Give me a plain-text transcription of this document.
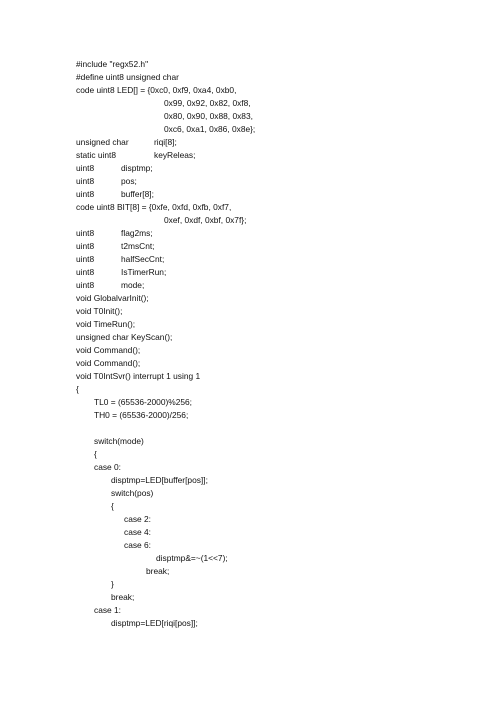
#include "regx52.h"
#define uint8 unsigned char
code uint8 LED[] = {0xc0, 0xf9, 0xa4, 0xb0,
0x99, 0x92, 0x82, 0xf8,
0x80, 0x90, 0x88, 0x83,
0xc6, 0xa1, 0x86, 0x8e};
unsigned char	riqi[8];
static uint8	keyReleas;
uint8	disptmp;
uint8	pos;
uint8	buffer[8];
code uint8 BIT[8] = {0xfe, 0xfd, 0xfb, 0xf7,
0xef, 0xdf, 0xbf, 0x7f};
uint8	flag2ms;
uint8	t2msCnt;
uint8	halfSecCnt;
uint8	IsTimerRun;
uint8	mode;
void GlobalvarInit();
void T0Init();
void TimeRun();
unsigned char KeyScan();
void Command();
void Command();
void T0IntSvr() interrupt 1 using 1
{
TL0 = (65536-2000)%256;
TH0 = (65536-2000)/256;
switch(mode)
{
case 0:
disptmp=LED[buffer[pos]];
switch(pos)
{
case 2:
case 4:
case 6:
disptmp&=~(1<<7);
break;
}
break;
case 1:
disptmp=LED[riqi[pos]];
